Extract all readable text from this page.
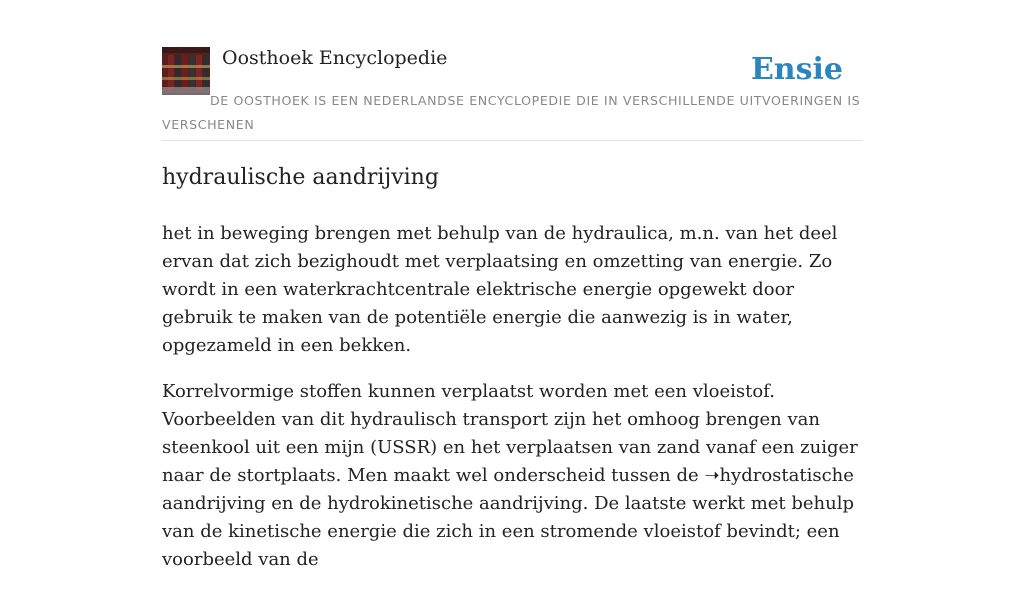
Oosthoek Encyclopedie	Ensie
DE OOSTHOEK IS EEN NEDERLANDSE ENCYCLOPEDIE DIE IN VERSCHILLENDE UITVOERINGEN IS VERSCHENEN
hydraulische aandrijving

het in beweging brengen met behulp van de hydraulica, m.n. van het deel ervan dat zich bezighoudt met verplaatsing en omzetting van energie. Zo wordt in een waterkrachtcentrale elektrische energie opgewekt door gebruik te maken van de potentiële energie die aanwezig is in water, opgezameld in een bekken.

Korrelvormige stoffen kunnen verplaatst worden met een vloeistof. Voorbeelden van dit hydraulisch transport zijn het omhoog brengen van steenkool uit een mijn (USSR) en het verplaatsen van zand vanaf een zuiger naar de stortplaats. Men maakt wel onderscheid tussen de ➝hydrostatische aandrijving en de hydrokinetische aandrijving. De laatste werkt met behulp van de kinetische energie die zich in een stromende vloeistof bevindt; een voorbeeld van de
